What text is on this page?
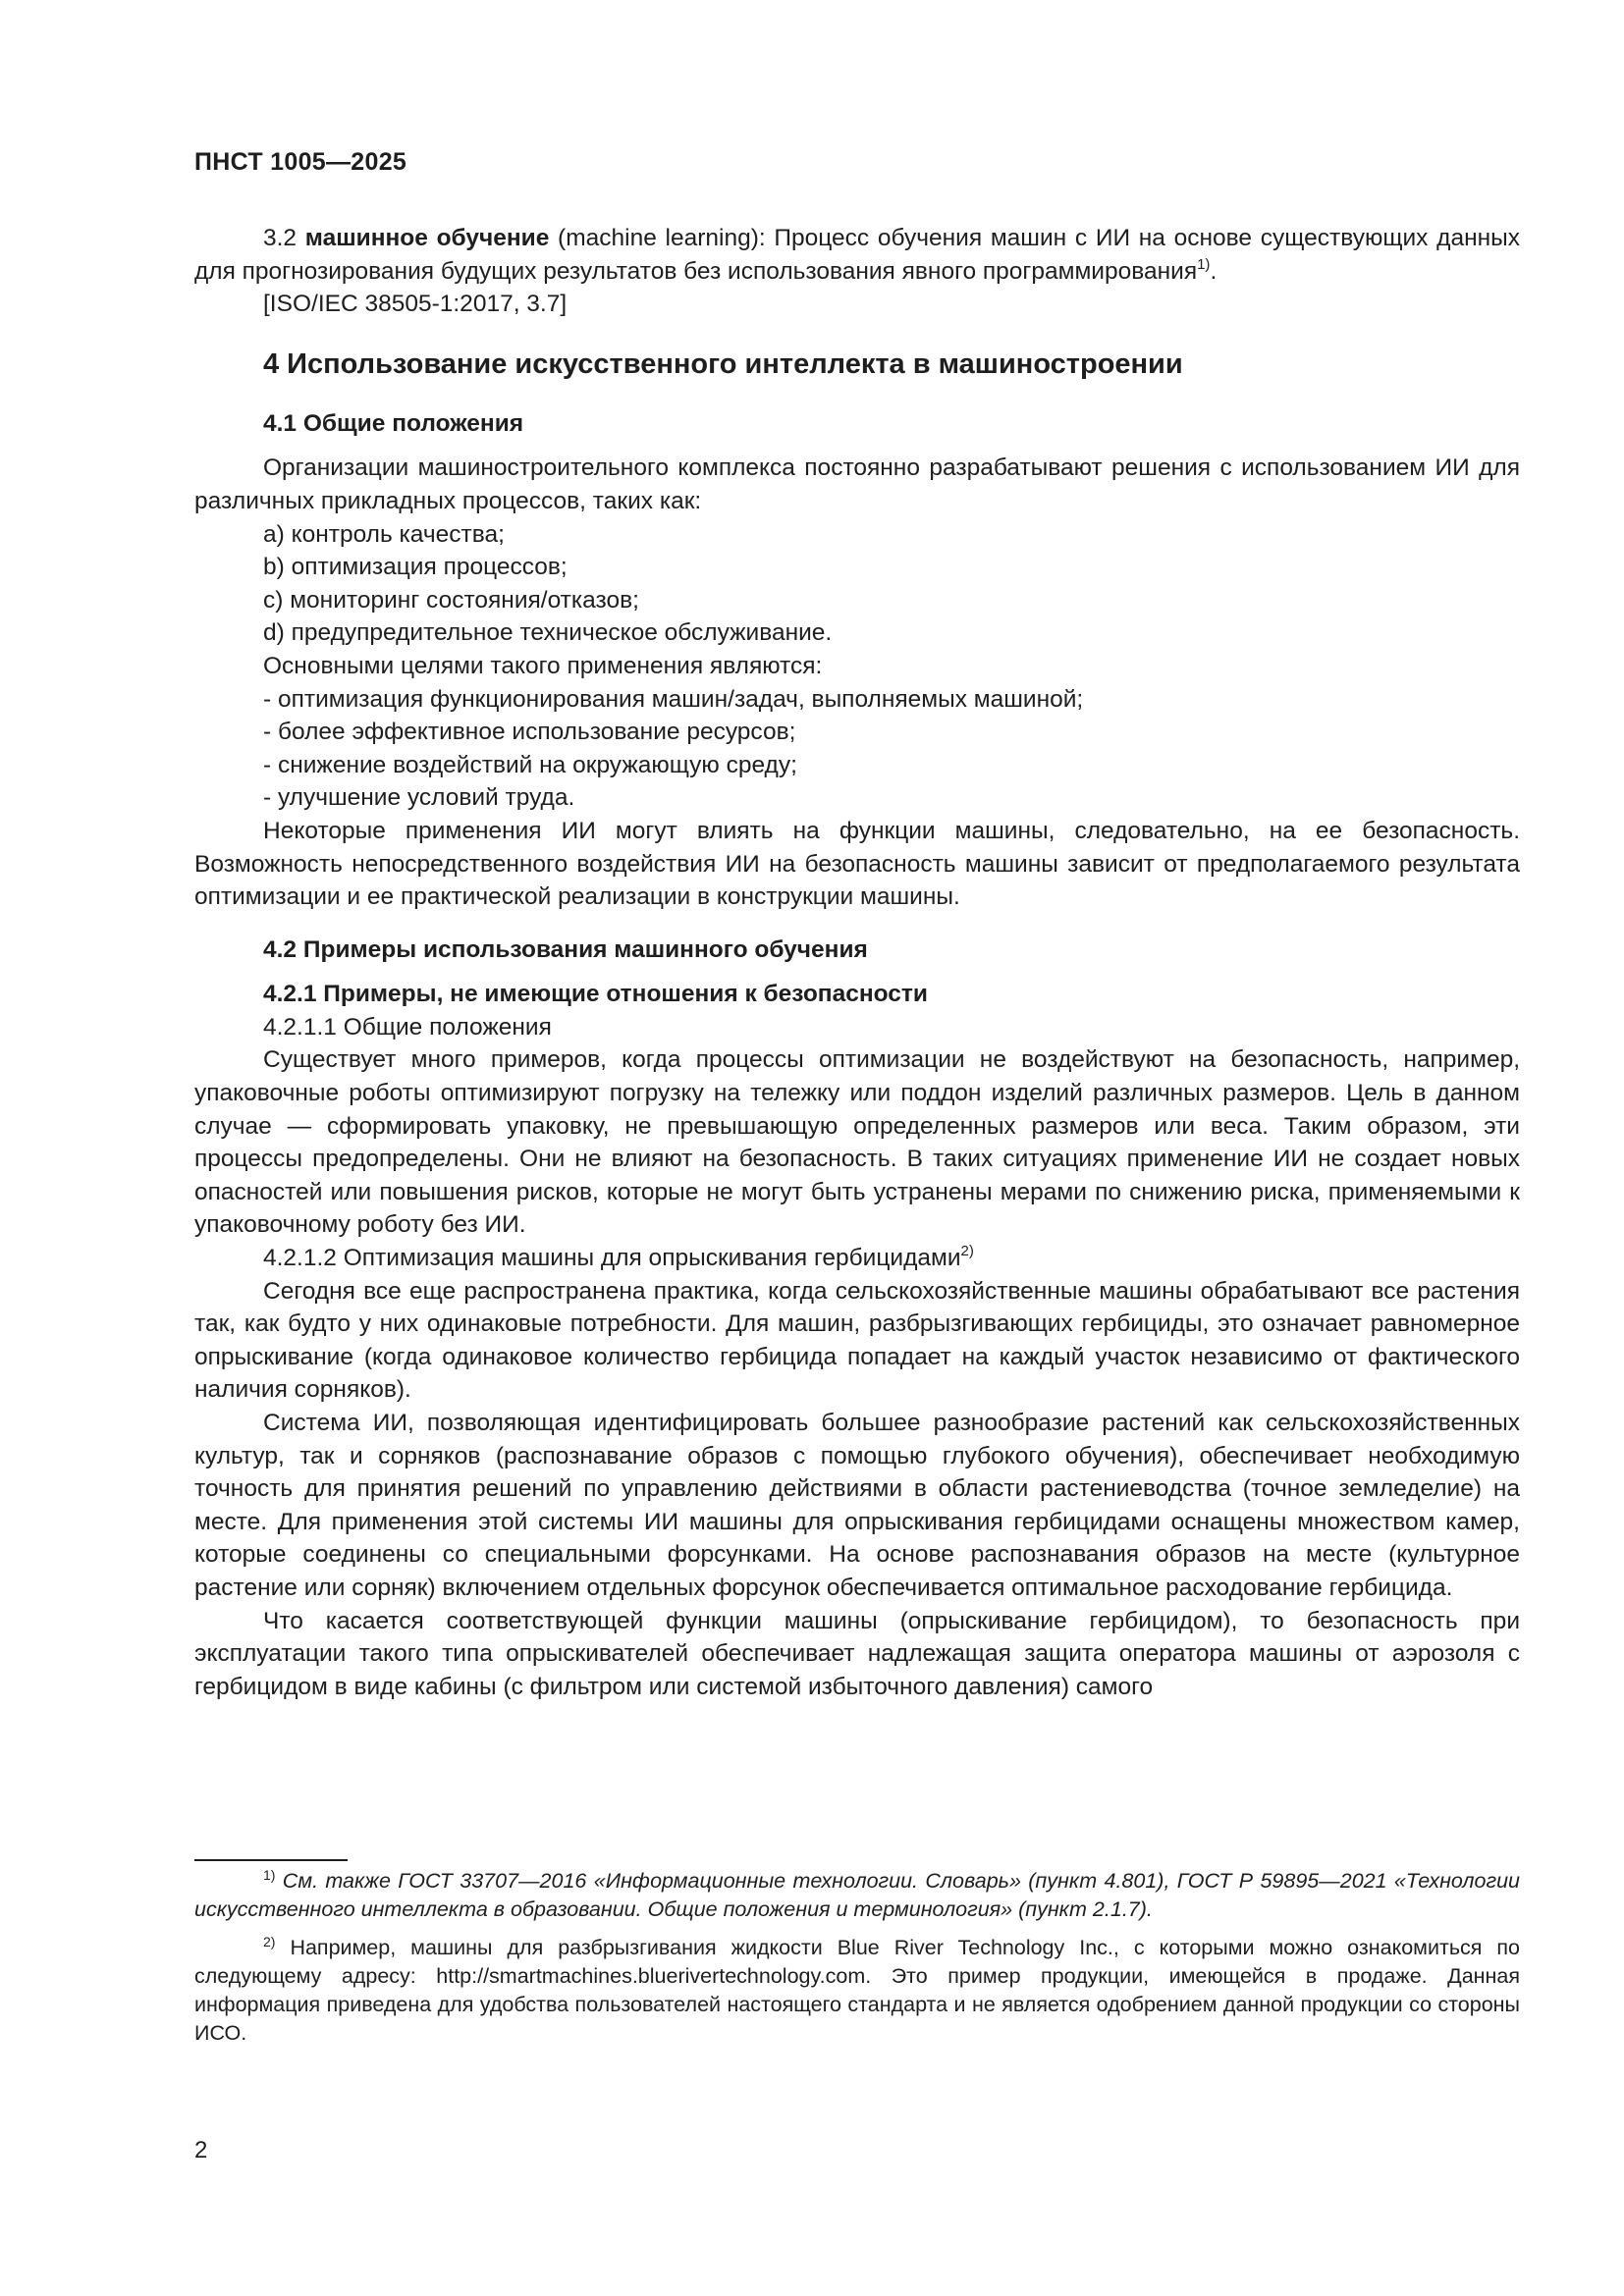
ПНСТ 1005—2025

3.2 машинное обучение (machine learning): Процесс обучения машин с ИИ на основе существующих данных для прогнозирования будущих результатов без использования явного программирования$^{1)}$.

[ISO/IEC 38505-1:2017, 3.7]

4 Использование искусственного интеллекта в машиностроении
4.1 Общие положения

Организации машиностроительного комплекса постоянно разрабатывают решения с использованием ИИ для различных прикладных процессов, таких как:

a) контроль качества;

b) оптимизация процессов;

c) мониторинг состояния/отказов;

d) предупредительное техническое обслуживание.

Основными целями такого применения являются:

- оптимизация функционирования машин/задач, выполняемых машиной;

- более эффективное использование ресурсов;

- снижение воздействий на окружающую среду;

- улучшение условий труда.

Некоторые применения ИИ могут влиять на функции машины, следовательно, на ее безопасность. Возможность непосредственного воздействия ИИ на безопасность машины зависит от предполагаемого результата оптимизации и ее практической реализации в конструкции машины.

4.2 Примеры использования машинного обучения
4.2.1 Примеры, не имеющие отношения к безопасности

4.2.1.1 Общие положения

Существует много примеров, когда процессы оптимизации не воздействуют на безопасность, например, упаковочные роботы оптимизируют погрузку на тележку или поддон изделий различных размеров. Цель в данном случае — сформировать упаковку, не превышающую определенных размеров или веса. Таким образом, эти процессы предопределены. Они не влияют на безопасность. В таких ситуациях применение ИИ не создает новых опасностей или повышения рисков, которые не могут быть устранены мерами по снижению риска, применяемыми к упаковочному роботу без ИИ.

4.2.1.2 Оптимизация машины для опрыскивания гербицидами$^{2)}$

Сегодня все еще распространена практика, когда сельскохозяйственные машины обрабатывают все растения так, как будто у них одинаковые потребности. Для машин, разбрызгивающих гербициды, это означает равномерное опрыскивание (когда одинаковое количество гербицида попадает на каждый участок независимо от фактического наличия сорняков).

Система ИИ, позволяющая идентифицировать большее разнообразие растений как сельскохозяйственных культур, так и сорняков (распознавание образов с помощью глубокого обучения), обеспечивает необходимую точность для принятия решений по управлению действиями в области растениеводства (точное земледелие) на месте. Для применения этой системы ИИ машины для опрыскивания гербицидами оснащены множеством камер, которые соединены со специальными форсунками. На основе распознавания образов на месте (культурное растение или сорняк) включением отдельных форсунок обеспечивается оптимальное расходование гербицида.

Что касается соответствующей функции машины (опрыскивание гербицидом), то безопасность при эксплуатации такого типа опрыскивателей обеспечивает надлежащая защита оператора машины от аэрозоля с гербицидом в виде кабины (с фильтром или системой избыточного давления) самого

$^{1)}$ См. также ГОСТ 33707—2016 «Информационные технологии. Словарь» (пункт 4.801), ГОСТ Р 59895—2021 «Технологии искусственного интеллекта в образовании. Общие положения и терминология» (пункт 2.1.7).

$^{2)}$ Например, машины для разбрызгивания жидкости Blue River Technology Inc., с которыми можно ознакомиться по следующему адресу: http://smartmachines.bluerivertechnology.com. Это пример продукции, имеющейся в продаже. Данная информация приведена для удобства пользователей настоящего стандарта и не является одобрением данной продукции со стороны ИСО.

2
